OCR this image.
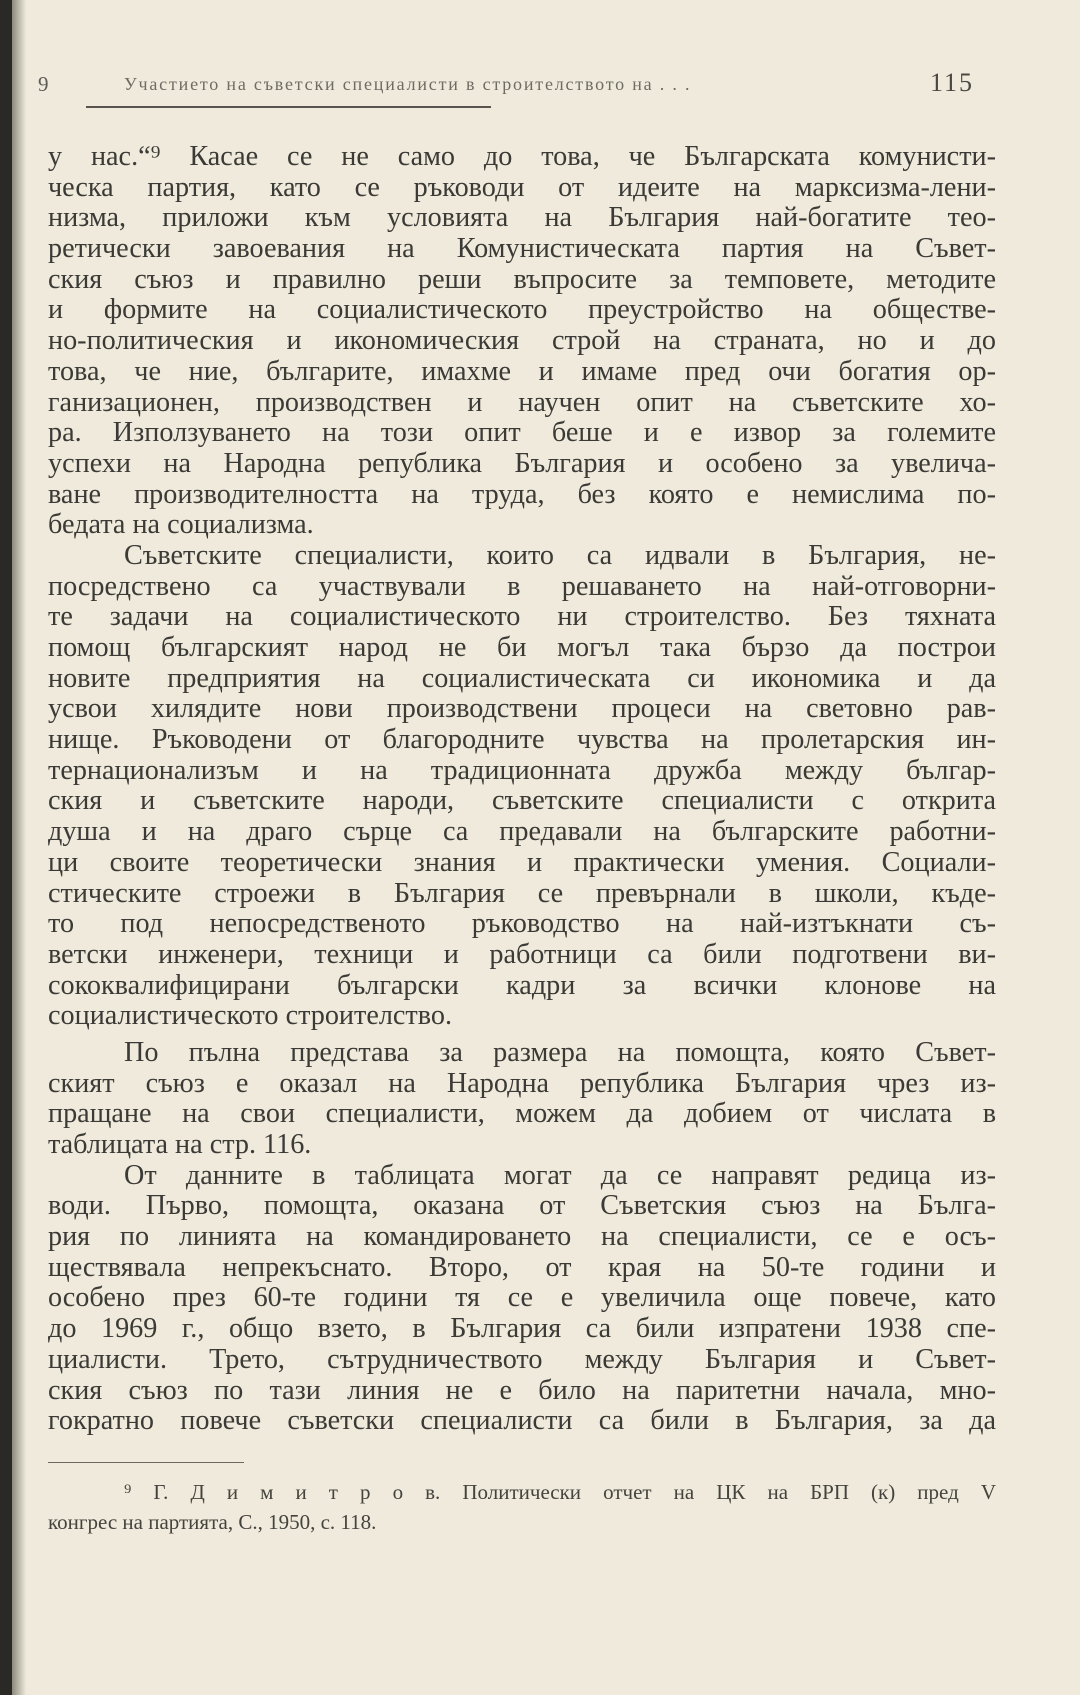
9	Участието на съветски специалисти в строителството на . . .	115
у нас.“⁹ Касае се не само до това, че Българската комунисти-
ческа партия, като се ръководи от идеите на марксизма-лени-
низма, приложи към условията на България най-богатите тео-
ретически завоевания на Комунистическата партия на Съвет-
ския съюз и правилно реши въпросите за темповете, методите
и формите на социалистическото преустройство на обществе-
но-политическия и икономическия строй на страната, но и до
това, че ние, българите, имахме и имаме пред очи богатия ор-
ганизационен, производствен и научен опит на съветските хо-
ра. Използуването на този опит беше и е извор за големите
успехи на Народна република България и особено за увелича-
ване производителността на труда, без която е немислима по-
бедата на социализма.
Съветските специалисти, които са идвали в България, не-
посредствено са участвували в решаването на най-отговорни-
те задачи на социалистическото ни строителство. Без тяхната
помощ българският народ не би могъл така бързо да построи
новите предприятия на социалистическата си икономика и да
усвои хилядите нови производствени процеси на световно рав-
нище. Ръководени от благородните чувства на пролетарския ин-
тернационализъм и на традиционната дружба между българ-
ския и съветските народи, съветските специалисти с открита
душа и на драго сърце са предавали на българските работни-
ци своите теоретически знания и практически умения. Социали-
стическите строежи в България се превърнали в школи, къде-
то под непосредственото ръководство на най-изтъкнати съ-
ветски инженери, техници и работници са били подготвени ви-
сококвалифицирани български кадри за всички клонове на
социалистическото строителство.
По пълна представа за размера на помощта, която Съвет-
ският съюз е оказал на Народна република България чрез из-
пращане на свои специалисти, можем да добием от числата в
таблицата на стр. 116.
От данните в таблицата могат да се направят редица из-
води. Първо, помощта, оказана от Съветския съюз на Бълга-
рия по линията на командироването на специалисти, се е осъ-
ществявала непрекъснато. Второ, от края на 50-те години и
особено през 60-те години тя се е увеличила още повече, като
до 1969 г., общо взето, в България са били изпратени 1938 спе-
циалисти. Трето, сътрудничеството между България и Съвет-
ския съюз по тази линия не е било на паритетни начала, мно-
гократно повече съветски специалисти са били в България, за да
⁹ Г. Д и м и т р о в. Политически отчет на ЦК на БРП (к) пред V
конгрес на партията, С., 1950, с. 118.
